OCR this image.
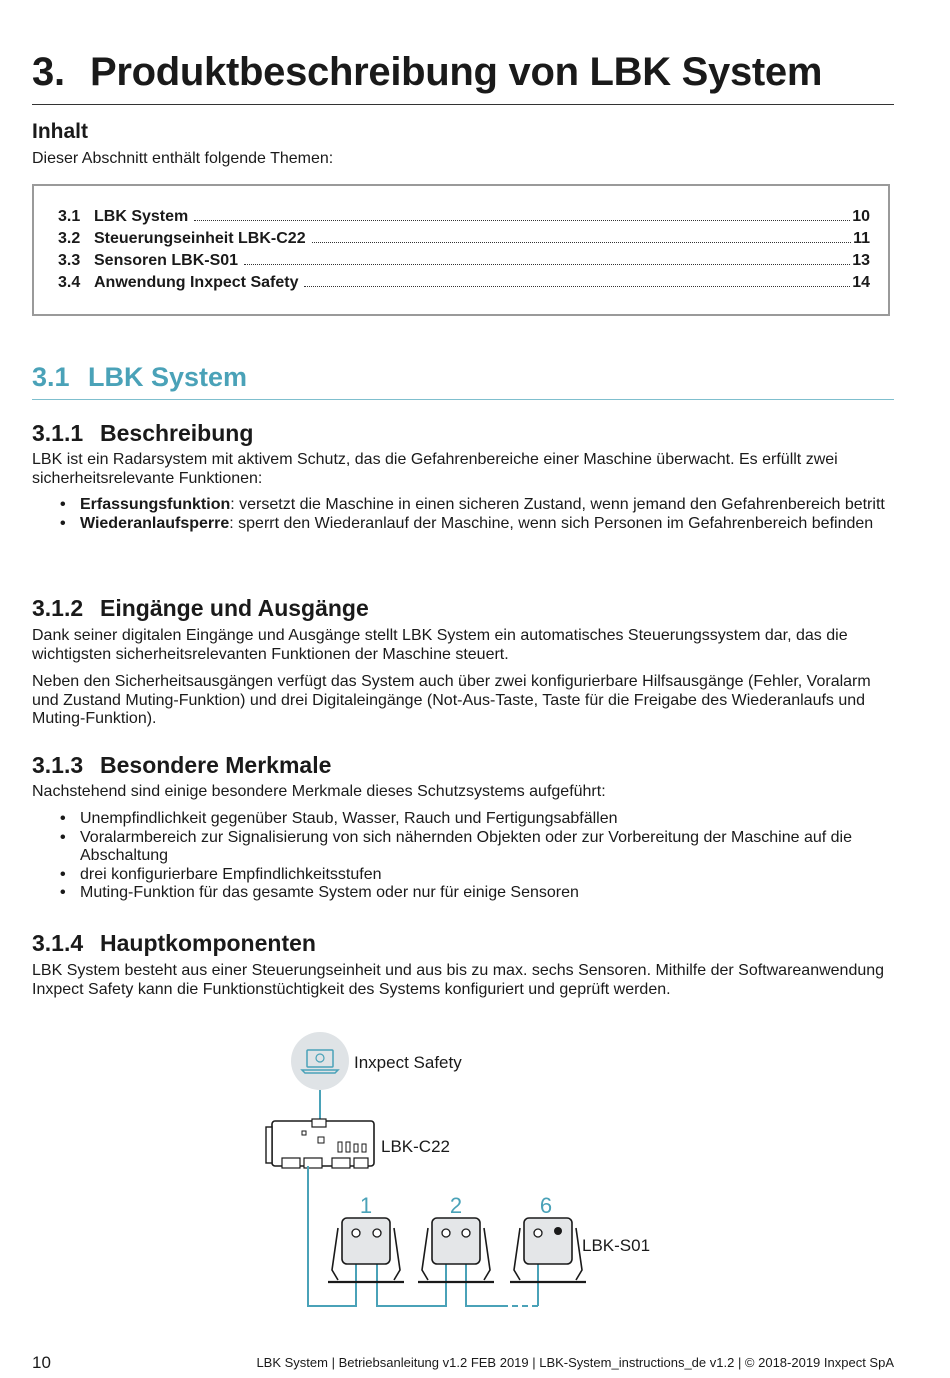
3. Produktbeschreibung von LBK System

Inhalt

Dieser Abschnitt enthält folgende Themen:

3.1 LBK System	10
3.2 Steuerungseinheit LBK-C22	11
3.3 Sensoren LBK-S01	13
3.4 Anwendung Inxpect Safety	14
3.1 LBK System
3.1.1 Beschreibung

LBK ist ein Radarsystem mit aktivem Schutz, das die Gefahrenbereiche einer Maschine überwacht. Es erfüllt zwei sicherheitsrelevante Funktionen:

• Erfassungsfunktion: versetzt die Maschine in einen sicheren Zustand, wenn jemand den Gefahrenbereich betritt
• Wiederanlaufsperre: sperrt den Wiederanlauf der Maschine, wenn sich Personen im Gefahrenbereich befinden
3.1.2 Eingänge und Ausgänge

Dank seiner digitalen Eingänge und Ausgänge stellt LBK System ein automatisches Steuerungssystem dar, das die wichtigsten sicherheitsrelevanten Funktionen der Maschine steuert.

Neben den Sicherheitsausgängen verfügt das System auch über zwei konfigurierbare Hilfsausgänge (Fehler, Voralarm und Zustand Muting-Funktion) und drei Digitaleingänge (Not-Aus-Taste, Taste für die Freigabe des Wiederanlaufs und Muting-Funktion).

3.1.3 Besondere Merkmale

Nachstehend sind einige besondere Merkmale dieses Schutzsystems aufgeführt:

• Unempfindlichkeit gegenüber Staub, Wasser, Rauch und Fertigungsabfällen
• Voralarmbereich zur Signalisierung von sich nähernden Objekten oder zur Vorbereitung der Maschine auf die Abschaltung
• drei konfigurierbare Empfindlichkeitsstufen
• Muting-Funktion für das gesamte System oder nur für einige Sensoren
3.1.4 Hauptkomponenten

LBK System besteht aus einer Steuerungseinheit und aus bis zu max. sechs Sensoren. Mithilfe der Softwareanwendung Inxpect Safety kann die Funktionstüchtigkeit des Systems konfiguriert und geprüft werden.

Inxpect Safety
LBK-C22
1	2	6
LBK-S01
10	LBK System | Betriebsanleitung v1.2 FEB 2019 | LBK-System_instructions_de v1.2 | © 2018-2019 Inxpect SpA
